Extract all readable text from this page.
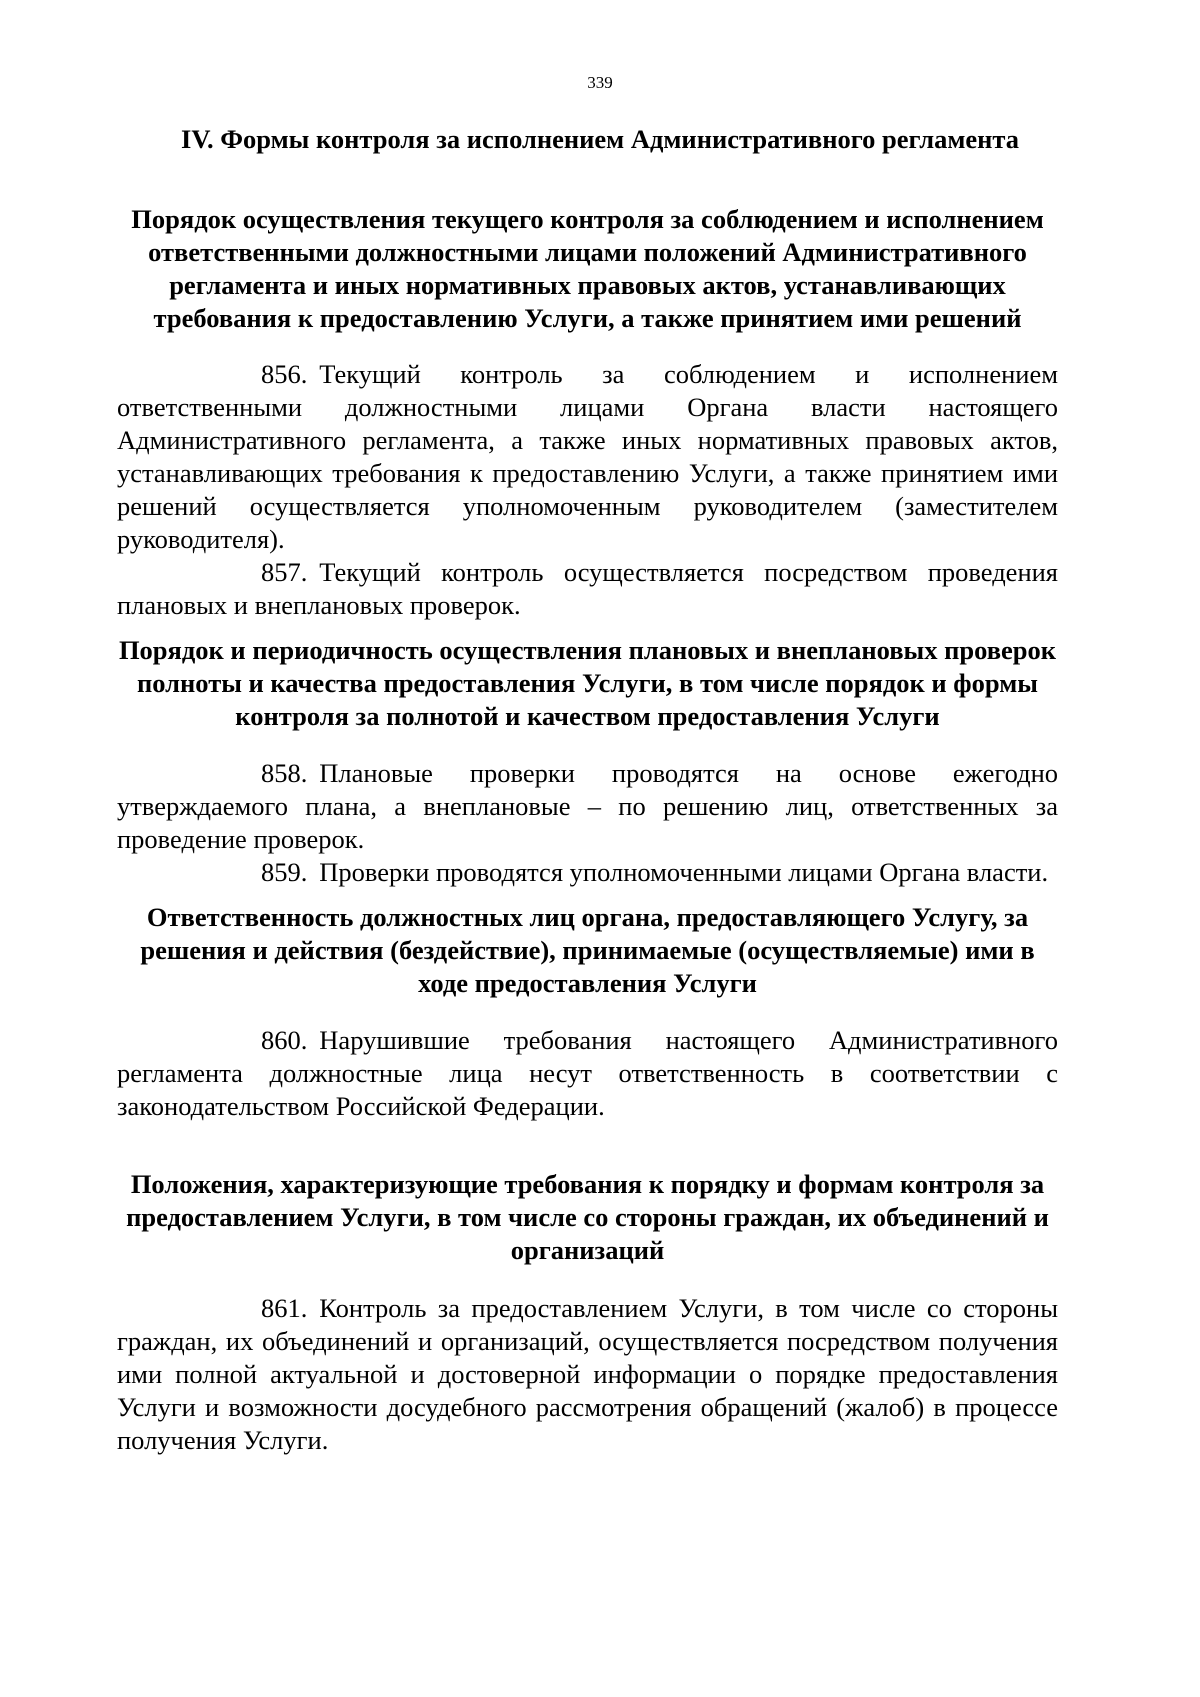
339
IV. Формы контроля за исполнением Административного регламента
Порядок осуществления текущего контроля за соблюдением и исполнением ответственными должностными лицами положений Административного регламента и иных нормативных правовых актов, устанавливающих требования к предоставлению Услуги, а также принятием ими решений

856. Текущий контроль за соблюдением и исполнением ответственными должностными лицами Органа власти настоящего Административного регламента, а также иных нормативных правовых актов, устанавливающих требования к предоставлению Услуги, а также принятием ими решений осуществляется уполномоченным руководителем (заместителем руководителя).

857. Текущий контроль осуществляется посредством проведения плановых и внеплановых проверок.

Порядок и периодичность осуществления плановых и внеплановых проверок полноты и качества предоставления Услуги, в том числе порядок и формы контроля за полнотой и качеством предоставления Услуги

858. Плановые проверки проводятся на основе ежегодно утверждаемого плана, а внеплановые – по решению лиц, ответственных за проведение проверок.

859. Проверки проводятся уполномоченными лицами Органа власти.

Ответственность должностных лиц органа, предоставляющего Услугу, за решения и действия (бездействие), принимаемые (осуществляемые) ими в ходе предоставления Услуги

860. Нарушившие требования настоящего Административного регламента должностные лица несут ответственность в соответствии с законодательством Российской Федерации.

Положения, характеризующие требования к порядку и формам контроля за предоставлением Услуги, в том числе со стороны граждан, их объединений и организаций

861. Контроль за предоставлением Услуги, в том числе со стороны граждан, их объединений и организаций, осуществляется посредством получения ими полной актуальной и достоверной информации о порядке предоставления Услуги и возможности досудебного рассмотрения обращений (жалоб) в процессе получения Услуги.
